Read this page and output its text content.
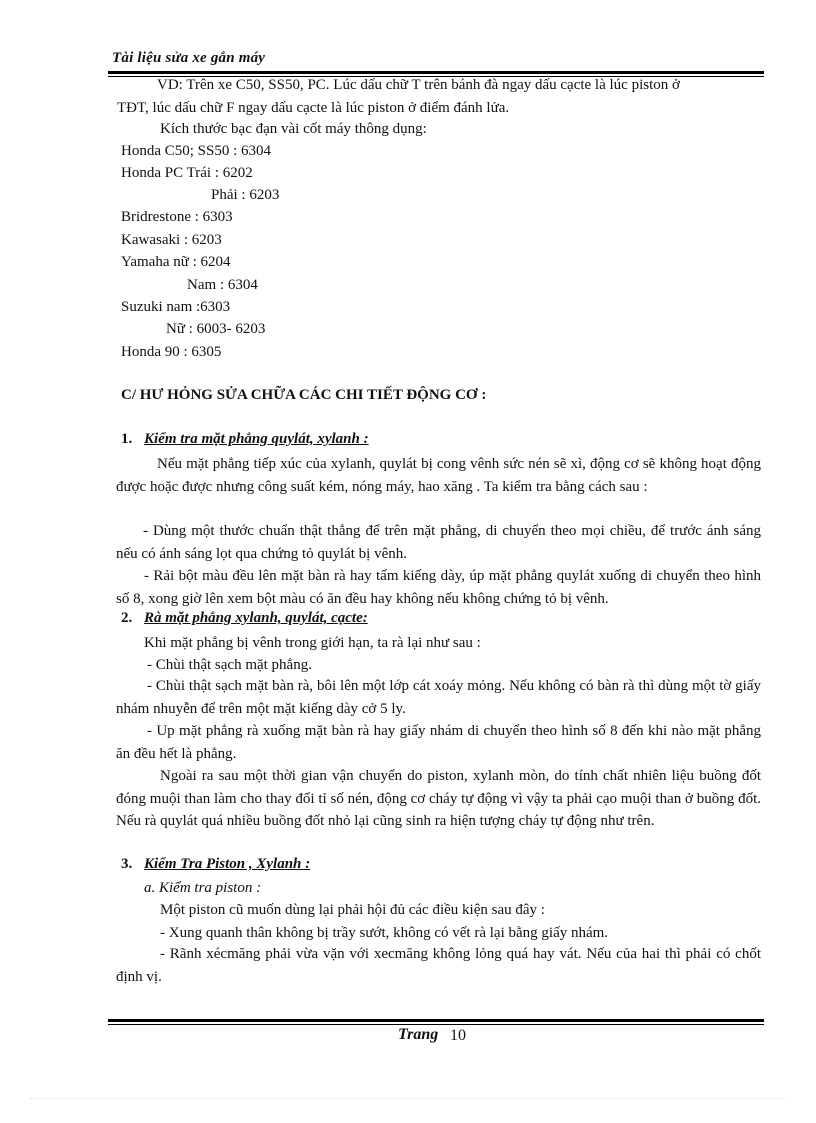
Tài liệu sửa xe gắn máy
VD: Trên xe C50, SS50, PC. Lúc dấu chữ T trên bánh đà ngay dấu cạcte là lúc piston ở
TĐT, lúc dấu chữ F ngay dấu cạcte là lúc piston ở điểm đánh lửa.
Kích thước bạc đạn vài cốt máy thông dụng:
Honda C50; SS50 : 6304
Honda PC Trái : 6202
Phải : 6203
Bridrestone : 6303
Kawasaki : 6203
Yamaha nữ : 6204
Nam : 6304
Suzuki nam :6303
Nữ : 6003- 6203
Honda 90 : 6305
C/ HƯ HỎNG SỬA CHỮA CÁC CHI TIẾT ĐỘNG CƠ :
1. Kiểm tra mặt phẳng quylát, xylanh :
Nếu mặt phẳng tiếp xúc của xylanh, quylát bị cong vênh sức nén sẽ xì, động cơ sẽ không hoạt động được hoặc được nhưng công suất kém, nóng máy, hao xăng . Ta kiểm tra bằng cách sau :
- Dùng một thước chuẩn thật thẳng để trên mặt phẳng, di chuyển theo mọi chiều, để trước ánh sáng nếu có ánh sáng lọt qua chứng tỏ quylát bị vênh.
- Rải bột màu đều lên mặt bàn rà hay tấm kiếng dày, úp mặt phẳng quylát xuống di chuyển theo hình số 8, xong giờ lên xem bột màu có ăn đều hay không nếu không chứng tỏ bị vênh.
2. Rà mặt phẳng xylanh, quylát, cạcte:
Khi mặt phẳng bị vênh trong giới hạn, ta rà lại như sau :
- Chùi thật sạch mặt phẳng.
- Chùi thật sạch mặt bàn rà, bôi lên một lớp cát xoáy mỏng. Nếu không có bàn rà thì dùng một tờ giấy nhám nhuyễn để trên một mặt kiếng dày cở 5 ly.
- Up mặt phẳng rà xuống mặt bàn rà hay giấy nhám di chuyển theo hình số 8 đến khi nào mặt phẳng ăn đều hết là phẳng.
Ngoài ra sau một thời gian vận chuyển do piston, xylanh mòn, do tính chất nhiên liệu buồng đốt đóng muội than làm cho thay đổi tỉ số nén, động cơ cháy tự động vì vậy ta phải cạo muội than ở buồng đốt. Nếu rà quylát quá nhiều buồng đốt nhỏ lại cũng sinh ra hiện tượng cháy tự động như trên.
3. Kiểm Tra Piston , Xylanh :
a. Kiểm tra piston :
Một piston cũ muốn dùng lại phải hội đủ các điều kiện sau đây :
- Xung quanh thân không bị trầy sướt, không có vết rà lại bằng giấy nhám.
- Rãnh xécmăng phải vừa vặn với xecmăng không lỏng quá hay vát. Nếu của hai thì phải có chốt định vị.
Trang 10
